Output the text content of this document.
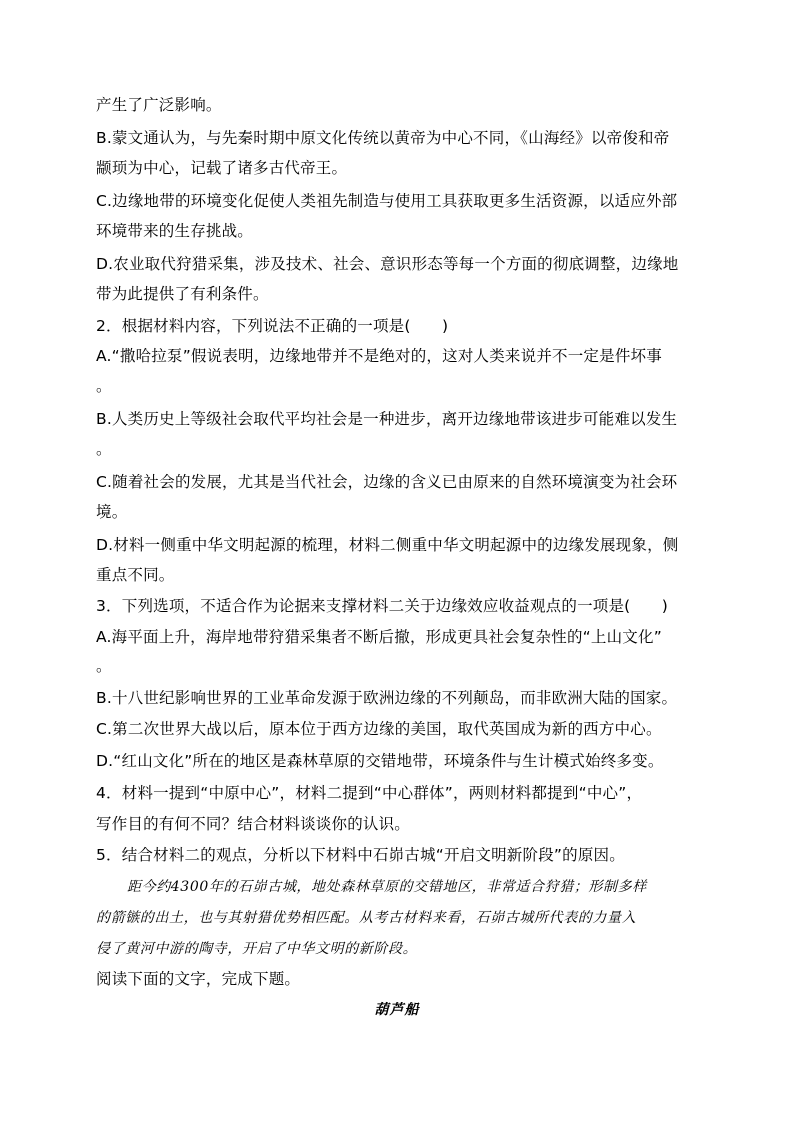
产生了广泛影响。
B.蒙文通认为，与先秦时期中原文化传统以黄帝为中心不同，《山海经》以帝俊和帝
颛顼为中心，记载了诸多古代帝王。
C.边缘地带的环境变化促使人类祖先制造与使用工具获取更多生活资源，以适应外部
环境带来的生存挑战。
D.农业取代狩猎采集，涉及技术、社会、意识形态等每一个方面的彻底调整，边缘地
带为此提供了有利条件。
2．根据材料内容，下列说法不正确的一项是(　　)
A.“撒哈拉泵”假说表明，边缘地带并不是绝对的，这对人类来说并不一定是件坏事
。
B.人类历史上等级社会取代平均社会是一种进步，离开边缘地带该进步可能难以发生
。
C.随着社会的发展，尤其是当代社会，边缘的含义已由原来的自然环境演变为社会环
境。
D.材料一侧重中华文明起源的梳理，材料二侧重中华文明起源中的边缘发展现象，侧
重点不同。
3．下列选项，不适合作为论据来支撑材料二关于边缘效应收益观点的一项是(　　)
A.海平面上升，海岸地带狩猎采集者不断后撤，形成更具社会复杂性的“上山文化”
。
B.十八世纪影响世界的工业革命发源于欧洲边缘的不列颠岛，而非欧洲大陆的国家。
C.第二次世界大战以后，原本位于西方边缘的美国，取代英国成为新的西方中心。
D.“红山文化”所在的地区是森林草原的交错地带，环境条件与生计模式始终多变。
4．材料一提到“中原中心”，材料二提到“中心群体”，两则材料都提到“中心”，
写作目的有何不同？结合材料谈谈你的认识。
5．结合材料二的观点，分析以下材料中石峁古城“开启文明新阶段”的原因。
距今约4300年的石峁古城，地处森林草原的交错地区，非常适合狩猎；形制多样
的箭镞的出土，也与其射猎优势相匹配。从考古材料来看，石峁古城所代表的力量入
侵了黄河中游的陶寺，开启了中华文明的新阶段。
阅读下面的文字，完成下题。
葫芦船
